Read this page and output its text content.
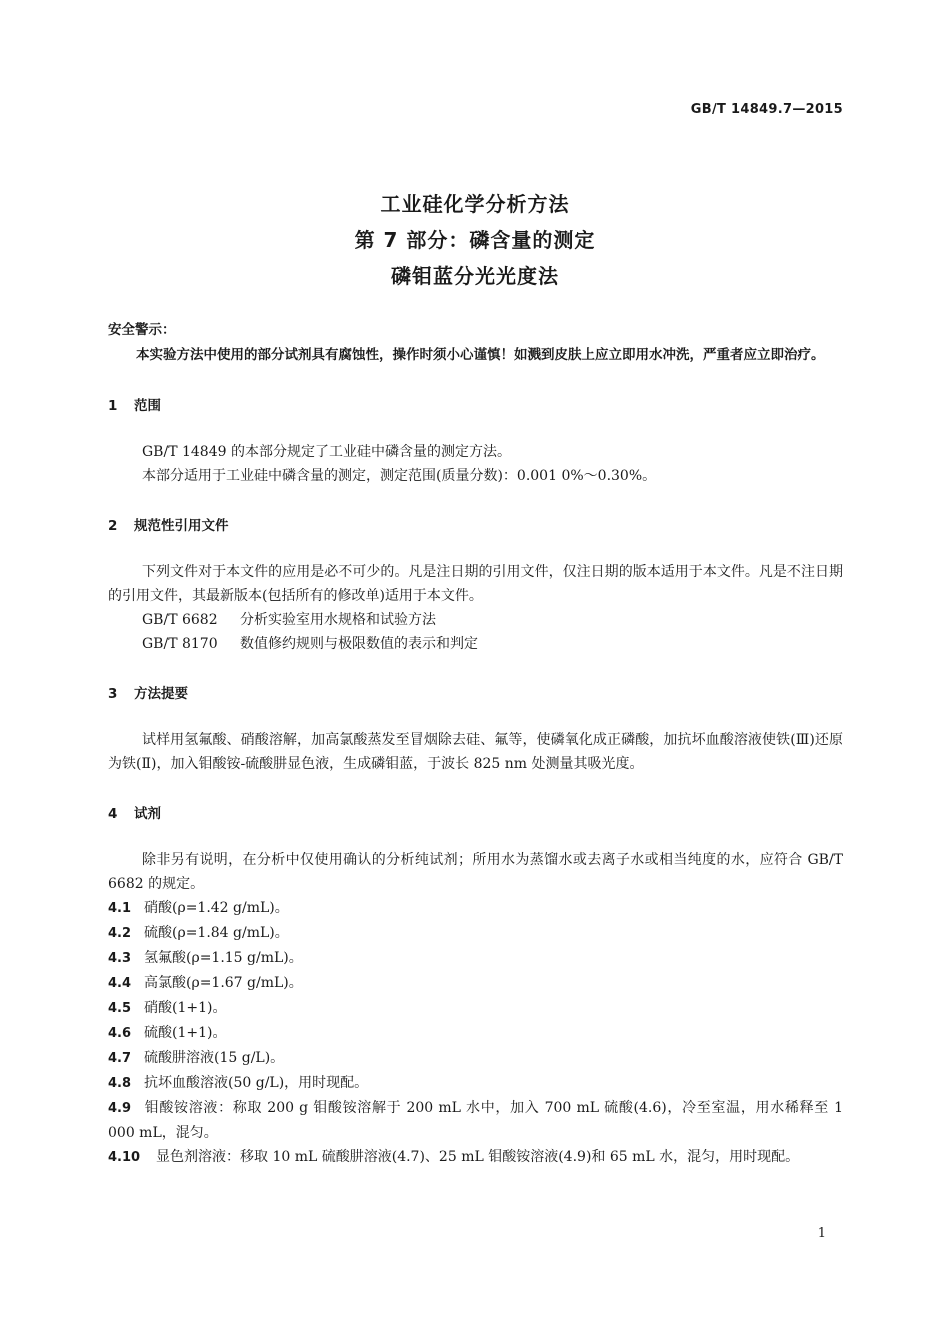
GB/T 14849.7—2015
工业硅化学分析方法
第 7 部分：磷含量的测定
磷钼蓝分光光度法
安全警示：

本实验方法中使用的部分试剂具有腐蚀性，操作时须小心谨慎！如溅到皮肤上应立即用水冲洗，严重者应立即治疗。

1 范围

GB/T 14849 的本部分规定了工业硅中磷含量的测定方法。

本部分适用于工业硅中磷含量的测定，测定范围(质量分数)：0.001 0%～0.30%。

2 规范性引用文件

下列文件对于本文件的应用是必不可少的。凡是注日期的引用文件，仅注日期的版本适用于本文件。凡是不注日期的引用文件，其最新版本(包括所有的修改单)适用于本文件。

GB/T 6682 分析实验室用水规格和试验方法

GB/T 8170 数值修约规则与极限数值的表示和判定

3 方法提要

试样用氢氟酸、硝酸溶解，加高氯酸蒸发至冒烟除去硅、氟等，使磷氧化成正磷酸，加抗坏血酸溶液使铁(Ⅲ)还原为铁(Ⅱ)，加入钼酸铵-硫酸肼显色液，生成磷钼蓝，于波长 825 nm 处测量其吸光度。

4 试剂

除非另有说明，在分析中仅使用确认的分析纯试剂；所用水为蒸馏水或去离子水或相当纯度的水，应符合 GB/T 6682 的规定。

4.1 硝酸(ρ=1.42 g/mL)。

4.2 硫酸(ρ=1.84 g/mL)。

4.3 氢氟酸(ρ=1.15 g/mL)。

4.4 高氯酸(ρ=1.67 g/mL)。

4.5 硝酸(1+1)。

4.6 硫酸(1+1)。

4.7 硫酸肼溶液(15 g/L)。

4.8 抗坏血酸溶液(50 g/L)，用时现配。

4.9 钼酸铵溶液：称取 200 g 钼酸铵溶解于 200 mL 水中，加入 700 mL 硫酸(4.6)，冷至室温，用水稀释至 1 000 mL，混匀。

4.10 显色剂溶液：移取 10 mL 硫酸肼溶液(4.7)、25 mL 钼酸铵溶液(4.9)和 65 mL 水，混匀，用时现配。

1
